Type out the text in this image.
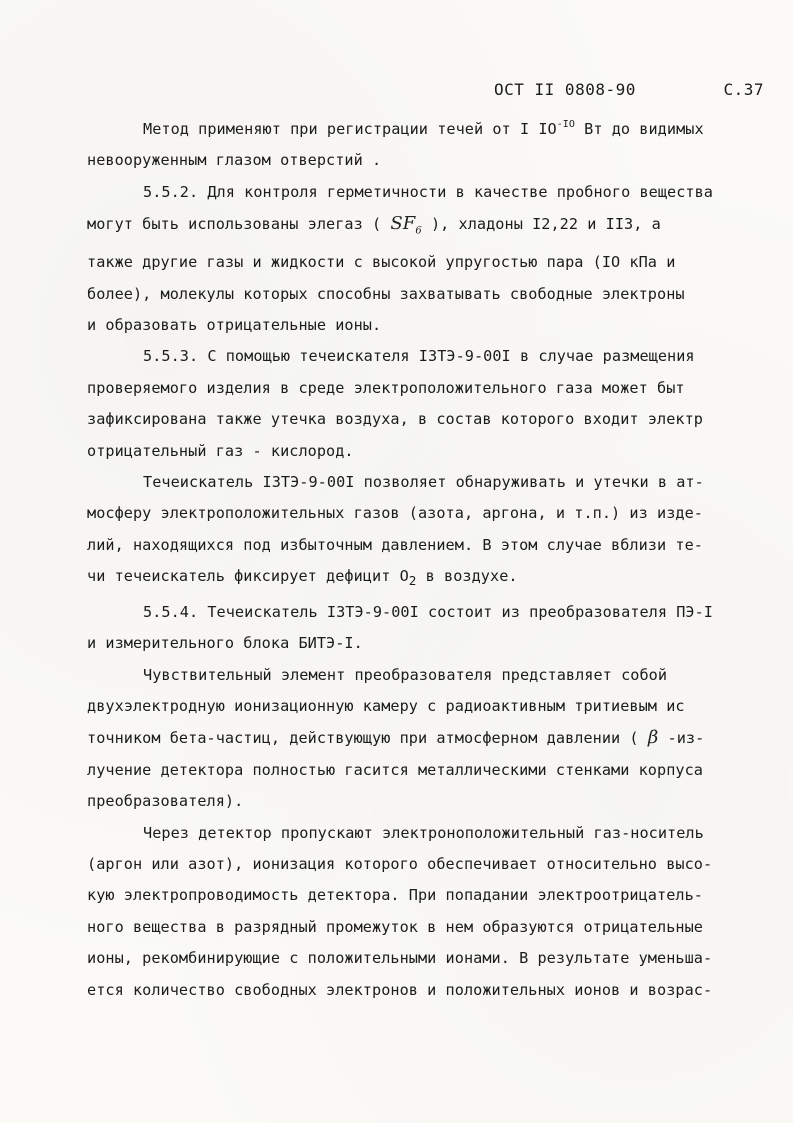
ОСТ II 0808-90	С.37

Метод применяют при регистрации течей от I $IO^{-IO}$ Вт до видимых
невооруженным глазом отверстий .

5.5.2. Для контроля герметичности в качестве пробного вещества
могут быть использованы элегаз ( $SF_6$ ), хладоны I2,22 и II3, а
также другие газы и жидкости с высокой упругостью пара (IO кПа и
более), молекулы которых способны захватывать свободные электроны
и образовать отрицательные ионы.

5.5.3. С помощью течеискателя I3ТЭ-9-00I в случае размещения
проверяемого изделия в среде электроположительного газа может быт
зафиксирована также утечка воздуха, в состав которого входит электр
отрицательный газ - кислород.

Течеискатель I3ТЭ-9-00I позволяет обнаруживать и утечки в ат-
мосферу электроположительных газов (азота, аргона, и т.п.) из изде-
лий, находящихся под избыточным давлением. В этом случае вблизи те-
чи течеискатель фиксирует дефицит $O_2$ в воздухе.

5.5.4. Течеискатель I3ТЭ-9-00I состоит из преобразователя ПЭ-I
и измерительного блока БИТЭ-I.

Чувствительный элемент преобразователя представляет собой
двухэлектродную ионизационную камеру с радиоактивным тритиевым ис
точником бета-частиц, действующую при атмосферном давлении ( β -из-
лучение детектора полностью гасится металлическими стенками корпуса
преобразователя).

Через детектор пропускают электроноположительный газ-носитель
(аргон или азот), ионизация которого обеспечивает относительно высо-
кую электропроводимость детектора. При попадании электроотрицатель-
ного вещества в разрядный промежуток в нем образуются отрицательные
ионы, рекомбинирующие с положительными ионами. В результате уменьша-
ется количество свободных электронов и положительных ионов и возрас-
